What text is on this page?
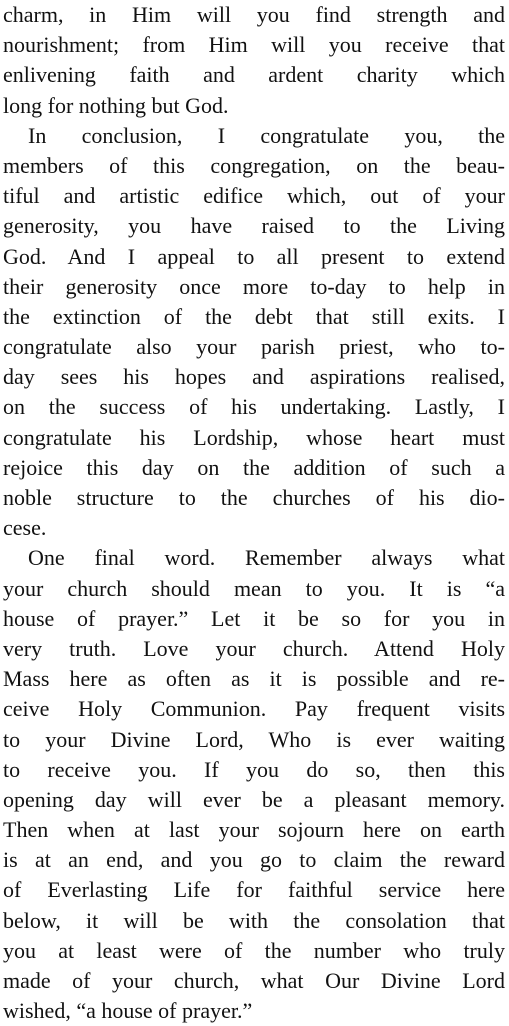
charm, in Him will you find strength and
nourishment; from Him will you receive that
enlivening faith and ardent charity which
long for nothing but God.
In conclusion, I congratulate you, the
members of this congregation, on the beau-
tiful and artistic edifice which, out of your
generosity, you have raised to the Living
God. And I appeal to all present to extend
their generosity once more to-day to help in
the extinction of the debt that still exits. I
congratulate also your parish priest, who to-
day sees his hopes and aspirations realised,
on the success of his undertaking. Lastly, I
congratulate his Lordship, whose heart must
rejoice this day on the addition of such a
noble structure to the churches of his dio-
cese.
One final word. Remember always what
your church should mean to you. It is “a
house of prayer.” Let it be so for you in
very truth. Love your church. Attend Holy
Mass here as often as it is possible and re-
ceive Holy Communion. Pay frequent visits
to your Divine Lord, Who is ever waiting
to receive you. If you do so, then this
opening day will ever be a pleasant memory.
Then when at last your sojourn here on earth
is at an end, and you go to claim the reward
of Everlasting Life for faithful service here
below, it will be with the consolation that
you at least were of the number who truly
made of your church, what Our Divine Lord
wished, “a house of prayer.”
